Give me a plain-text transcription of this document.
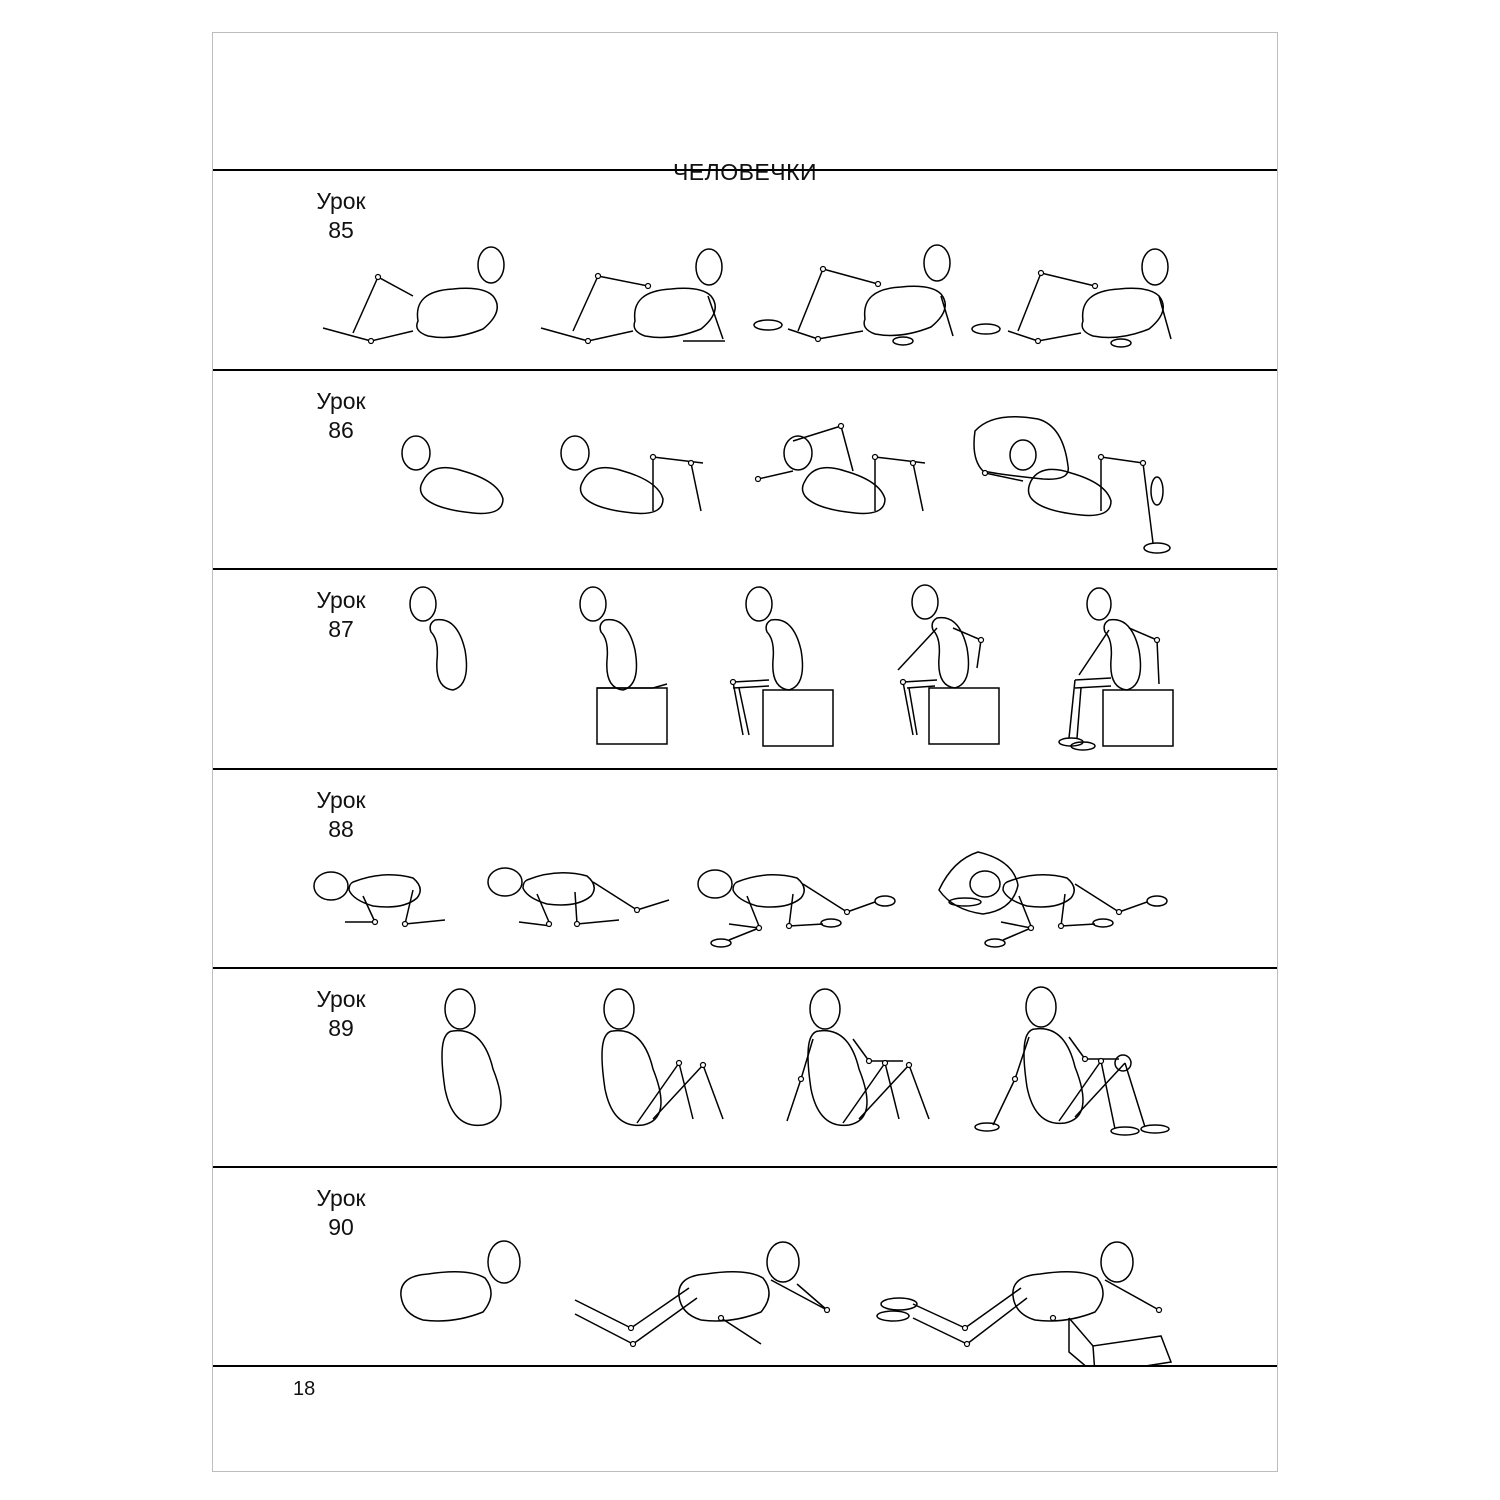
ЧЕЛОВЕЧКИ
Урок
85
Урок
86
Урок
87
Урок
88
Урок
89
Урок
90
18
